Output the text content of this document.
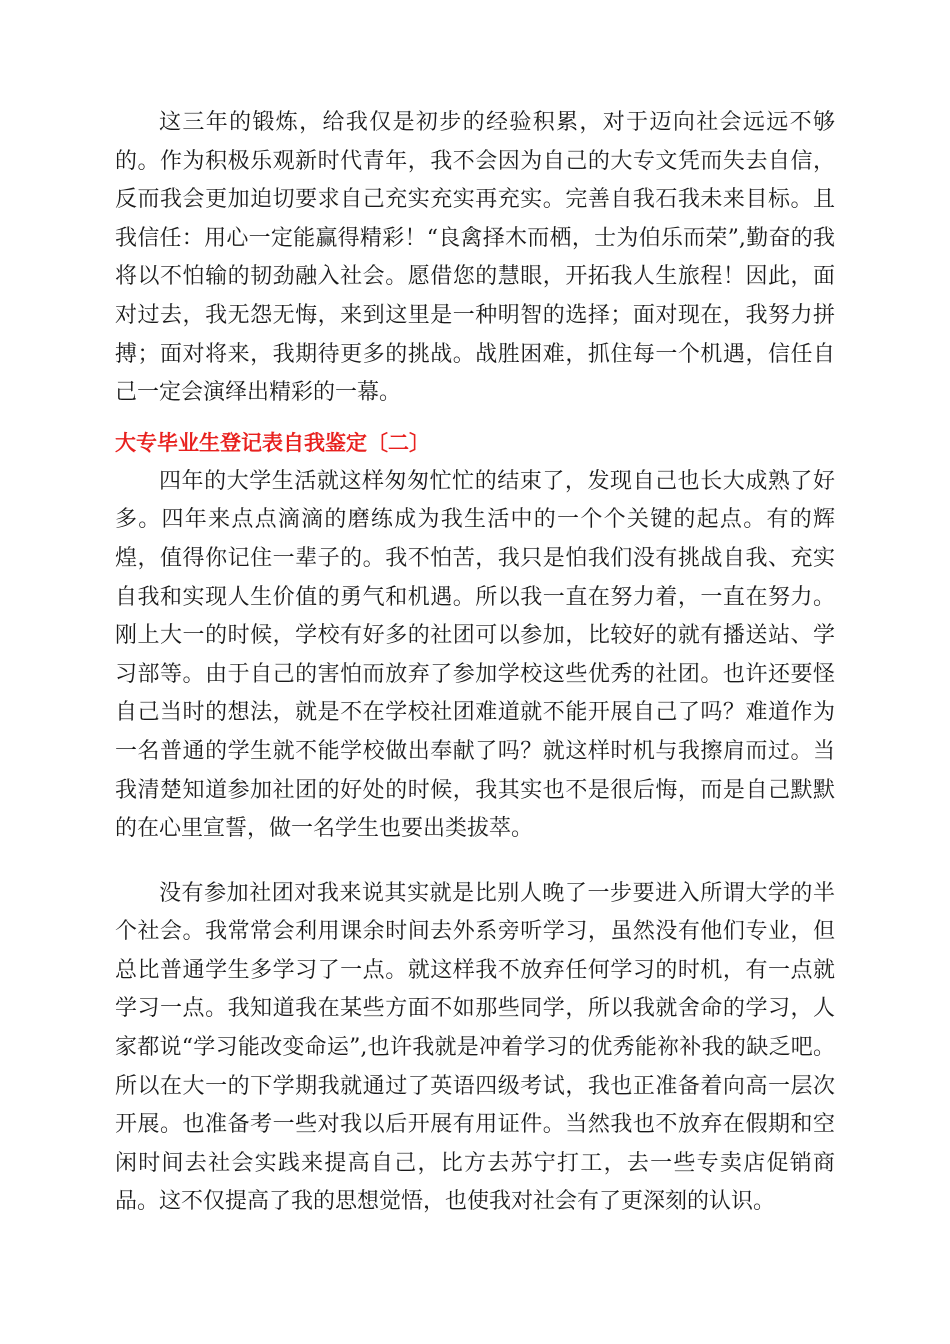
这三年的锻炼，给我仅是初步的经验积累，对于迈向社会远远不够的。作为积极乐观新时代青年，我不会因为自己的大专文凭而失去自信，反而我会更加迫切要求自己充实充实再充实。完善自我石我未来目标。且我信任：用心一定能赢得精彩！“良禽择木而栖，士为伯乐而荣”,勤奋的我将以不怕输的韧劲融入社会。愿借您的慧眼，开拓我人生旅程！因此，面对过去，我无怨无悔，来到这里是一种明智的选择；面对现在，我努力拼搏；面对将来，我期待更多的挑战。战胜困难，抓住每一个机遇，信任自己一定会演绎出精彩的一幕。

大专毕业生登记表自我鉴定〔二〕

四年的大学生活就这样匆匆忙忙的结束了，发现自己也长大成熟了好多。四年来点点滴滴的磨练成为我生活中的一个个关键的起点。有的辉煌，值得你记住一辈子的。我不怕苦，我只是怕我们没有挑战自我、充实自我和实现人生价值的勇气和机遇。所以我一直在努力着，一直在努力。刚上大一的时候，学校有好多的社团可以参加，比较好的就有播送站、学习部等。由于自己的害怕而放弃了参加学校这些优秀的社团。也许还要怪自己当时的想法，就是不在学校社团难道就不能开展自己了吗？难道作为一名普通的学生就不能学校做出奉献了吗？就这样时机与我擦肩而过。当我清楚知道参加社团的好处的时候，我其实也不是很后悔，而是自己默默的在心里宣誓，做一名学生也要出类拔萃。

没有参加社团对我来说其实就是比别人晚了一步要进入所谓大学的半个社会。我常常会利用课余时间去外系旁听学习，虽然没有他们专业，但总比普通学生多学习了一点。就这样我不放弃任何学习的时机，有一点就学习一点。我知道我在某些方面不如那些同学，所以我就舍命的学习，人家都说“学习能改变命运”,也许我就是冲着学习的优秀能祢补我的缺乏吧。所以在大一的下学期我就通过了英语四级考试，我也正准备着向高一层次开展。也准备考一些对我以后开展有用证件。当然我也不放弃在假期和空闲时间去社会实践来提高自己，比方去苏宁打工，去一些专卖店促销商品。这不仅提高了我的思想觉悟，也使我对社会有了更深刻的认识。
